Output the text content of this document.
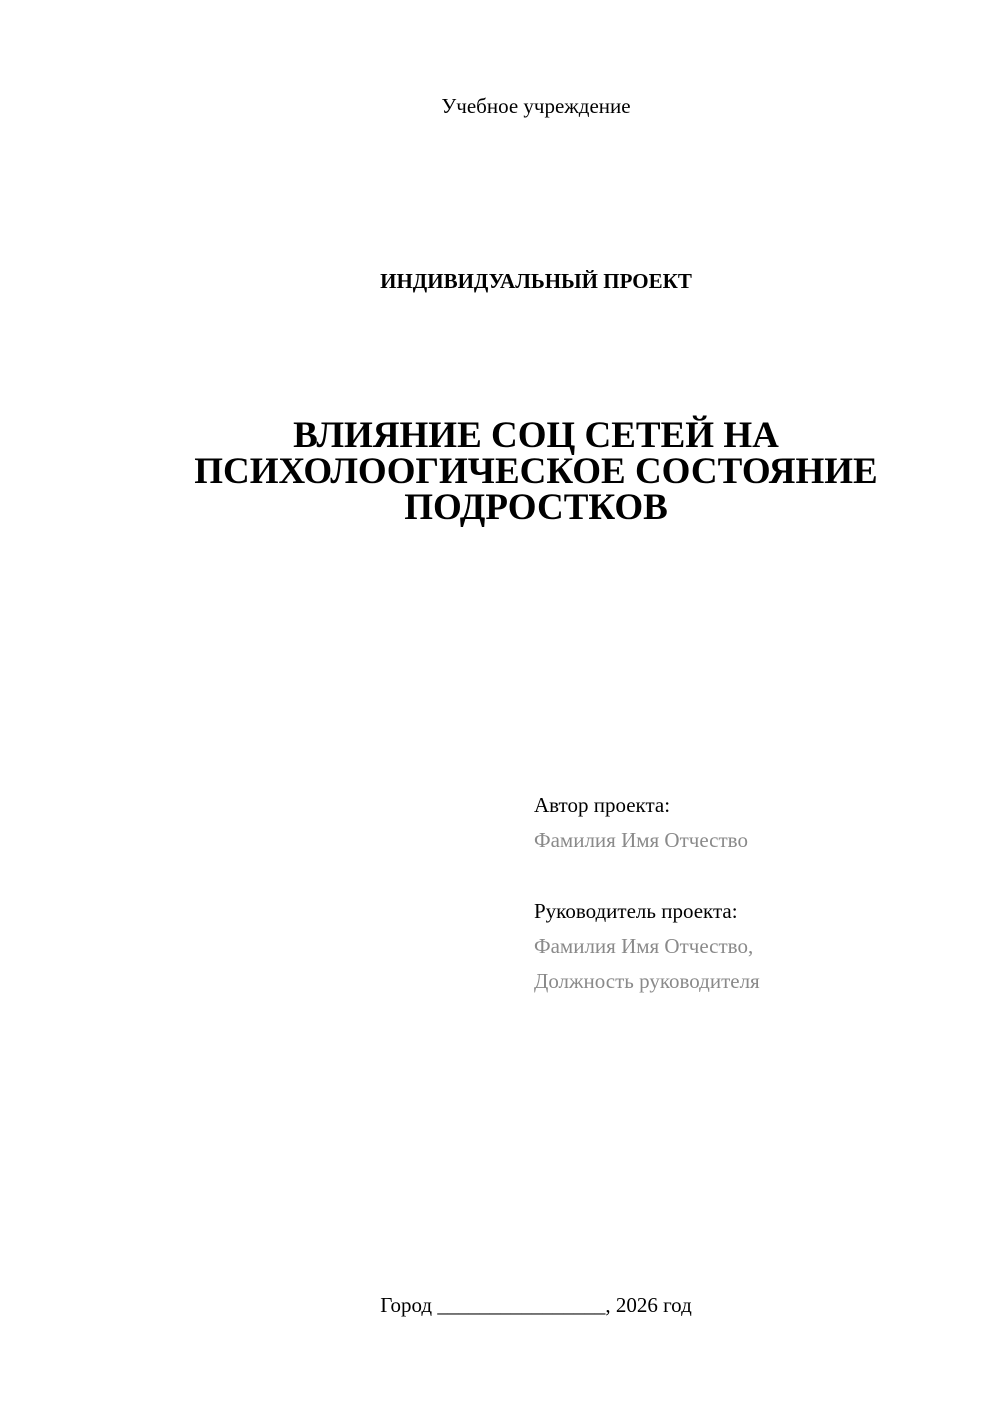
Учебное учреждение
ИНДИВИДУАЛЬНЫЙ ПРОЕКТ
ВЛИЯНИЕ СОЦ СЕТЕЙ НА
ПСИХОЛООГИЧЕСКОЕ СОСТОЯНИЕ
ПОДРОСТКОВ
Автор проекта:
Фамилия Имя Отчество
Руководитель проекта:
Фамилия Имя Отчество,
Должность руководителя
Город ________________, 2026 год
